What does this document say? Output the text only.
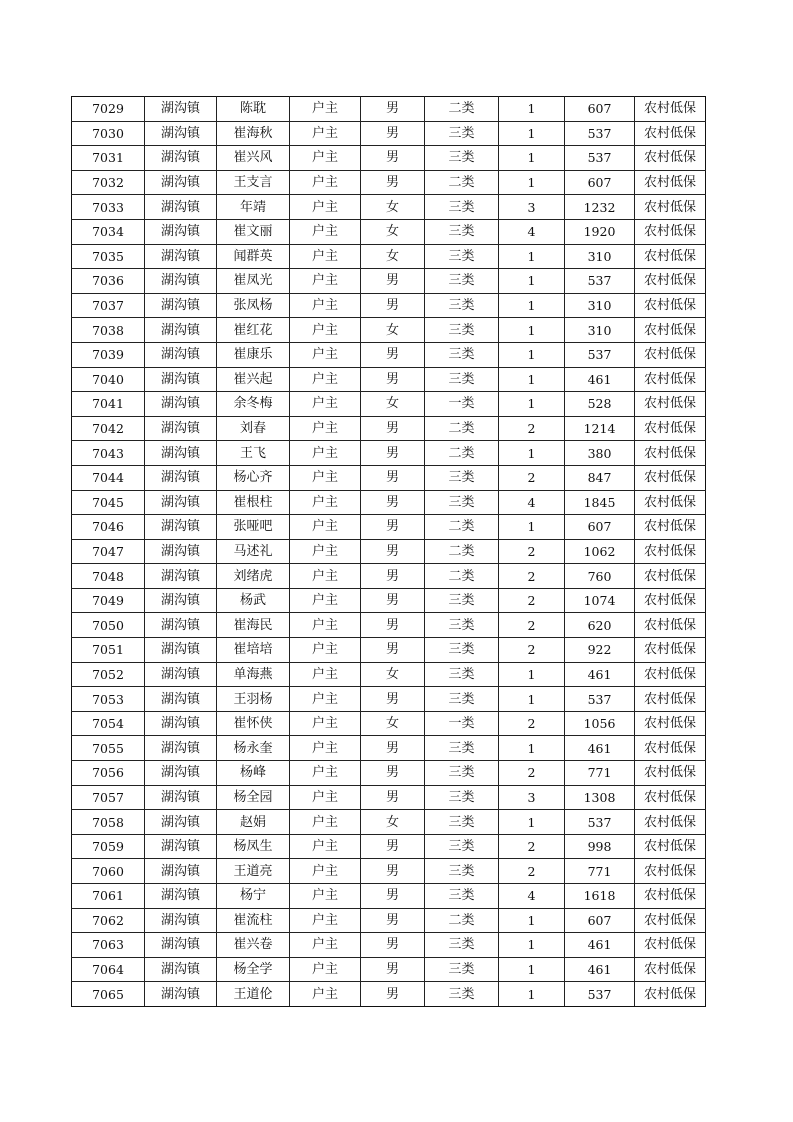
7029	湖沟镇	陈耽	户主	男	二类	1	607	农村低保
7030	湖沟镇	崔海秋	户主	男	三类	1	537	农村低保
7031	湖沟镇	崔兴风	户主	男	三类	1	537	农村低保
7032	湖沟镇	王支言	户主	男	二类	1	607	农村低保
7033	湖沟镇	年靖	户主	女	三类	3	1232	农村低保
7034	湖沟镇	崔文丽	户主	女	三类	4	1920	农村低保
7035	湖沟镇	闻群英	户主	女	三类	1	310	农村低保
7036	湖沟镇	崔凤光	户主	男	三类	1	537	农村低保
7037	湖沟镇	张凤杨	户主	男	三类	1	310	农村低保
7038	湖沟镇	崔红花	户主	女	三类	1	310	农村低保
7039	湖沟镇	崔康乐	户主	男	三类	1	537	农村低保
7040	湖沟镇	崔兴起	户主	男	三类	1	461	农村低保
7041	湖沟镇	余冬梅	户主	女	一类	1	528	农村低保
7042	湖沟镇	刘春	户主	男	二类	2	1214	农村低保
7043	湖沟镇	王飞	户主	男	二类	1	380	农村低保
7044	湖沟镇	杨心齐	户主	男	三类	2	847	农村低保
7045	湖沟镇	崔根柱	户主	男	三类	4	1845	农村低保
7046	湖沟镇	张哑吧	户主	男	二类	1	607	农村低保
7047	湖沟镇	马述礼	户主	男	二类	2	1062	农村低保
7048	湖沟镇	刘绪虎	户主	男	二类	2	760	农村低保
7049	湖沟镇	杨武	户主	男	三类	2	1074	农村低保
7050	湖沟镇	崔海民	户主	男	三类	2	620	农村低保
7051	湖沟镇	崔培培	户主	男	三类	2	922	农村低保
7052	湖沟镇	单海燕	户主	女	三类	1	461	农村低保
7053	湖沟镇	王羽杨	户主	男	三类	1	537	农村低保
7054	湖沟镇	崔怀侠	户主	女	一类	2	1056	农村低保
7055	湖沟镇	杨永奎	户主	男	三类	1	461	农村低保
7056	湖沟镇	杨峰	户主	男	三类	2	771	农村低保
7057	湖沟镇	杨全园	户主	男	三类	3	1308	农村低保
7058	湖沟镇	赵娟	户主	女	三类	1	537	农村低保
7059	湖沟镇	杨凤生	户主	男	三类	2	998	农村低保
7060	湖沟镇	王道亮	户主	男	三类	2	771	农村低保
7061	湖沟镇	杨宁	户主	男	三类	4	1618	农村低保
7062	湖沟镇	崔流柱	户主	男	二类	1	607	农村低保
7063	湖沟镇	崔兴卷	户主	男	三类	1	461	农村低保
7064	湖沟镇	杨全学	户主	男	三类	1	461	农村低保
7065	湖沟镇	王道伦	户主	男	三类	1	537	农村低保
